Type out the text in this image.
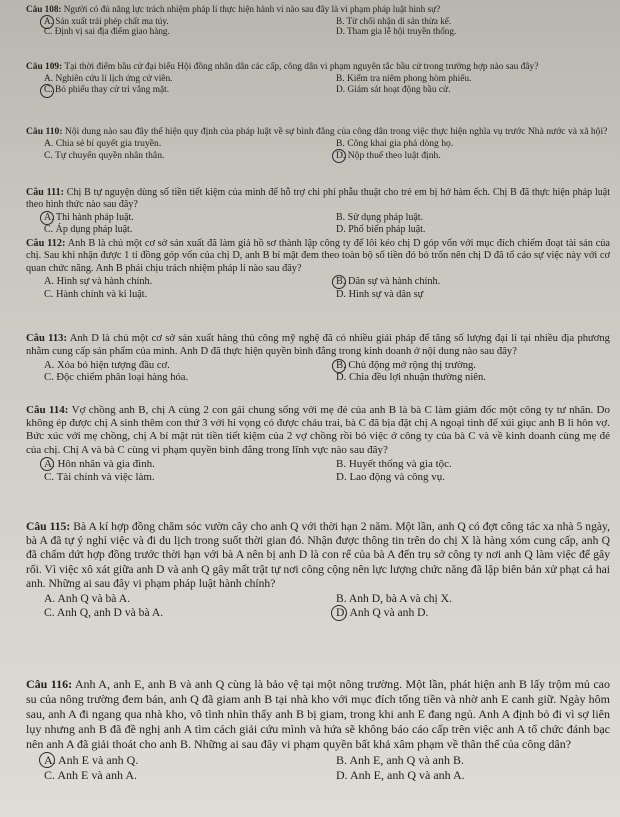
Câu 108: Người có đủ năng lực trách nhiệm pháp lí thực hiện hành vi nào sau đây là vi phạm pháp luật hình sự?

A. Sản xuất trái phép chất ma túy.	B. Từ chối nhận di sản thừa kế.
C. Định vị sai địa điểm giao hàng.	D. Tham gia lễ hội truyền thống.

Câu 109: Tại thời điểm bầu cử đại biểu Hội đồng nhân dân các cấp, công dân vi phạm nguyên tắc bầu cử trong trường hợp nào sau đây?

A. Nghiên cứu lí lịch ứng cử viên.	B. Kiểm tra niêm phong hòm phiếu.
C. Bỏ phiếu thay cử tri vắng mặt.	D. Giám sát hoạt động bầu cử.

Câu 110: Nội dung nào sau đây thể hiện quy định của pháp luật về sự bình đẳng của công dân trong việc thực hiện nghĩa vụ trước Nhà nước và xã hội?

A. Chia sẻ bí quyết gia truyền.	B. Công khai gia phả dòng họ.
C. Tự chuyển quyền nhân thân.	D. Nộp thuế theo luật định.

Câu 111: Chị B tự nguyện dùng số tiền tiết kiệm của mình để hỗ trợ chi phí phẫu thuật cho trẻ em bị hở hàm ếch. Chị B đã thực hiện pháp luật theo hình thức nào sau đây?

A. Thi hành pháp luật.	B. Sử dụng pháp luật.
C. Áp dụng pháp luật.	D. Phổ biến pháp luật.

Câu 112: Anh B là chủ một cơ sở sản xuất đã làm giả hồ sơ thành lập công ty để lôi kéo chị D góp vốn với mục đích chiếm đoạt tài sản của chị. Sau khi nhận được 1 tỉ đồng góp vốn của chị D, anh B bí mật đem theo toàn bộ số tiền đó bỏ trốn nên chị D đã tố cáo sự việc này với cơ quan chức năng. Anh B phải chịu trách nhiệm pháp lí nào sau đây?

A. Hình sự và hành chính.	B. Dân sự và hành chính.
C. Hành chính và kỉ luật.	D. Hình sự và dân sự

Câu 113: Anh D là chủ một cơ sở sản xuất hàng thủ công mỹ nghệ đã có nhiều giải pháp để tăng số lượng đại lí tại nhiều địa phương nhằm cung cấp sản phẩm của mình. Anh D đã thực hiện quyền bình đẳng trong kinh doanh ở nội dung nào sau đây?

A. Xóa bỏ hiện tượng đầu cơ.	B. Chủ động mở rộng thị trường.
C. Độc chiếm phân loại hàng hóa.	D. Chia đều lợi nhuận thường niên.

Câu 114: Vợ chồng anh B, chị A cùng 2 con gái chung sống với mẹ đẻ của anh B là bà C làm giám đốc một công ty tư nhân. Do không ép được chị A sinh thêm con thứ 3 với hi vọng có được cháu trai, bà C đã bịa đặt chị A ngoại tình để xúi giục anh B li hôn vợ. Bức xúc với mẹ chồng, chị A bí mật rút tiền tiết kiệm của 2 vợ chồng rồi bỏ việc ở công ty của bà C và về kinh doanh cùng mẹ đẻ của chị. Chị A và bà C cùng vi phạm quyền bình đẳng trong lĩnh vực nào sau đây?

A. Hôn nhân và gia đình.	B. Huyết thống và gia tộc.
C. Tài chính và việc làm.	D. Lao động và công vụ.

Câu 115: Bà A kí hợp đồng chăm sóc vườn cây cho anh Q với thời hạn 2 năm. Một lần, anh Q có đợt công tác xa nhà 5 ngày, bà A đã tự ý nghỉ việc và đi du lịch trong suốt thời gian đó. Nhận được thông tin trên do chị X là hàng xóm cung cấp, anh Q đã chấm dứt hợp đồng trước thời hạn với bà A nên bị anh D là con rể của bà A đến trụ sở công ty nơi anh Q làm việc để gây rối. Vì việc xô xát giữa anh D và anh Q gây mất trật tự nơi công cộng nên lực lượng chức năng đã lập biên bản xử phạt cả hai anh. Những ai sau đây vi phạm pháp luật hành chính?

A. Anh Q và bà A.	B. Anh D, bà A và chị X.
C. Anh Q, anh D và bà A.	D. Anh Q và anh D.

Câu 116: Anh A, anh E, anh B và anh Q cùng là bảo vệ tại một nông trường. Một lần, phát hiện anh B lấy trộm mủ cao su của nông trường đem bán, anh Q đã giam anh B tại nhà kho với mục đích tống tiền và nhờ anh E canh giữ. Ngày hôm sau, anh A đi ngang qua nhà kho, vô tình nhìn thấy anh B bị giam, trong khi anh E đang ngủ. Anh A định bỏ đi vì sợ liên lụy nhưng anh B đã đề nghị anh A tìm cách giải cứu mình và hứa sẽ không báo cáo cấp trên việc anh A tổ chức đánh bạc nên anh A đã giải thoát cho anh B. Những ai sau đây vi phạm quyền bất khả xâm phạm về thân thể của công dân?

A. Anh E và anh Q.	B. Anh E, anh Q và anh B.
C. Anh E và anh A.	D. Anh E, anh Q và anh A.
